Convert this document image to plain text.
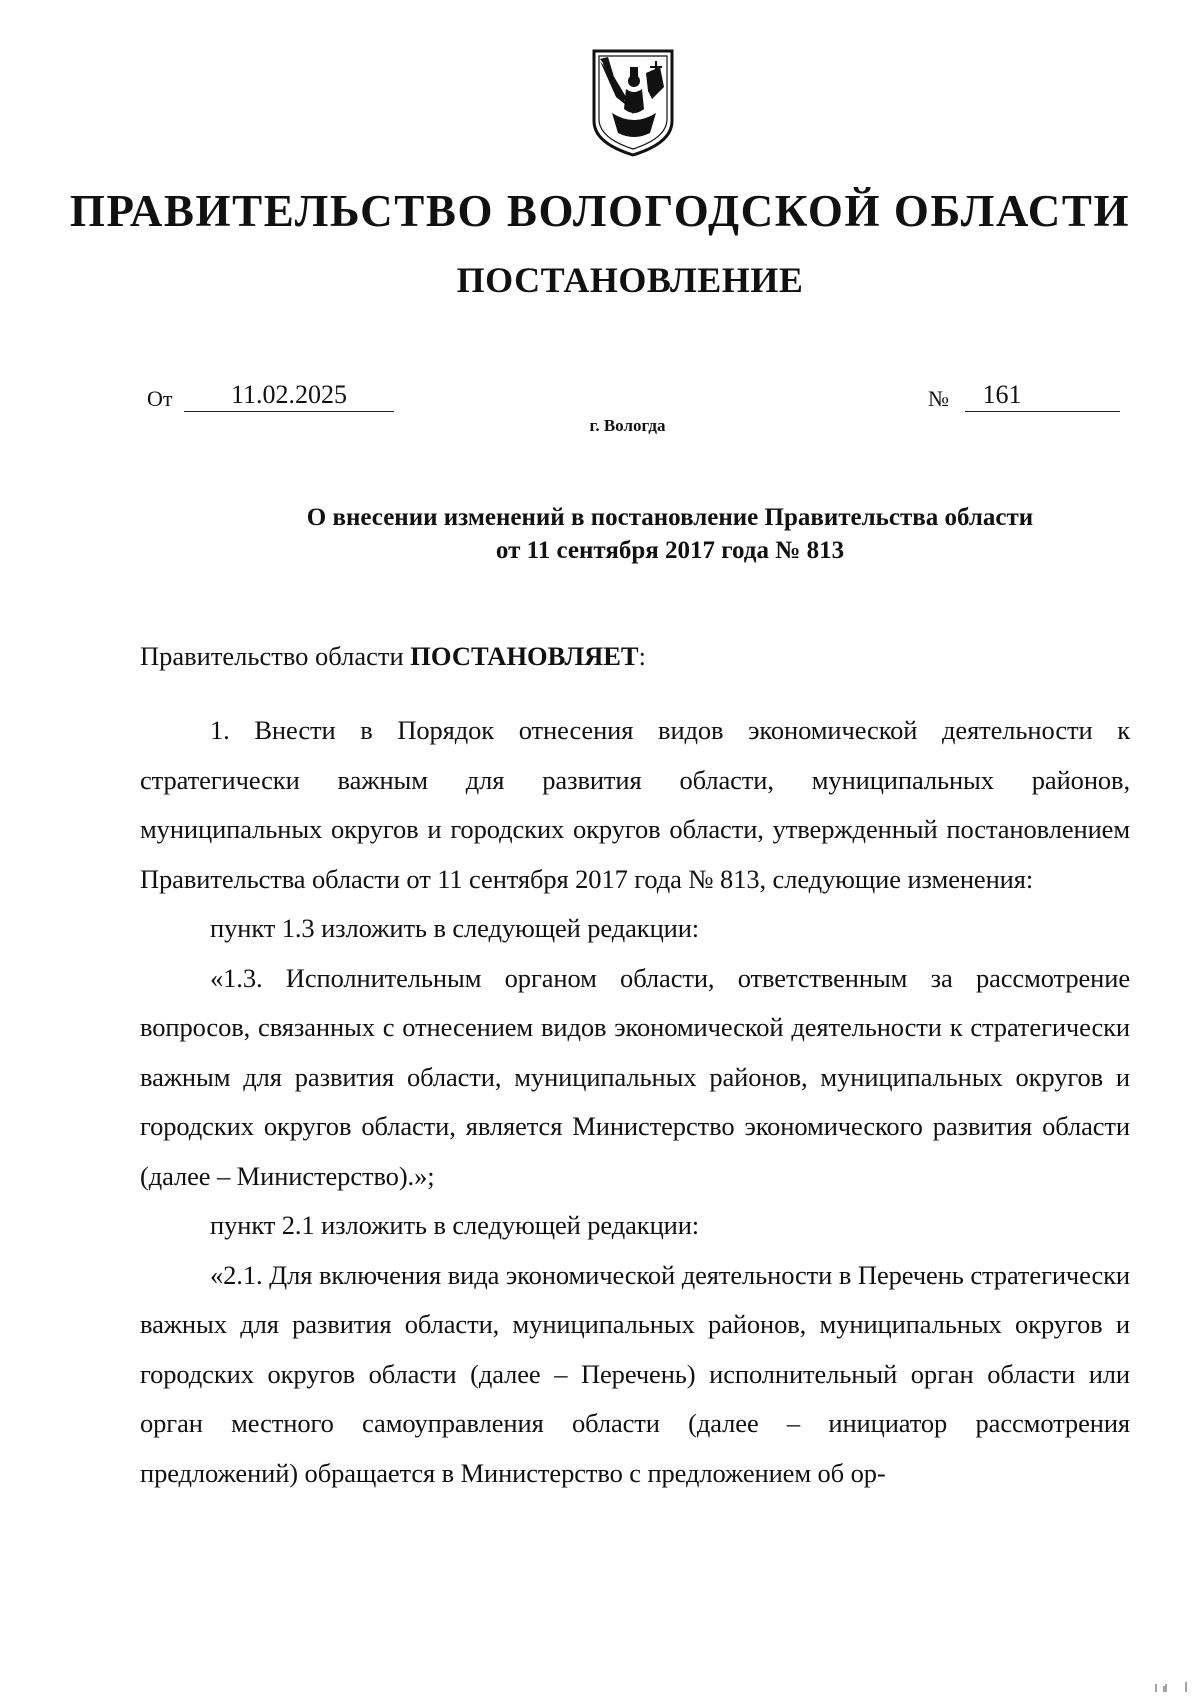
ПРАВИТЕЛЬСТВО ВОЛОГОДСКОЙ ОБЛАСТИ
ПОСТАНОВЛЕНИЕ
От 11.02.2025	№ 161
г. Вологда
О внесении изменений в постановление Правительства области
от 11 сентября 2017 года № 813
Правительство области ПОСТАНОВЛЯЕТ:

1. Внести в Порядок отнесения видов экономической деятельности к стратегически важным для развития области, муниципальных районов, муниципальных округов и городских округов области, утвержденный постановлением Правительства области от 11 сентября 2017 года № 813, следующие изменения:

пункт 1.3 изложить в следующей редакции:

«1.3. Исполнительным органом области, ответственным за рассмотрение вопросов, связанных с отнесением видов экономической деятельности к стратегически важным для развития области, муниципальных районов, муниципальных округов и городских округов области, является Министерство экономического развития области (далее – Министерство).»;

пункт 2.1 изложить в следующей редакции:

«2.1. Для включения вида экономической деятельности в Перечень стратегически важных для развития области, муниципальных районов, муниципальных округов и городских округов области (далее – Перечень) исполнительный орган области или орган местного самоуправления области (далее – инициатор рассмотрения предложений) обращается в Министерство с предложением об ор-
